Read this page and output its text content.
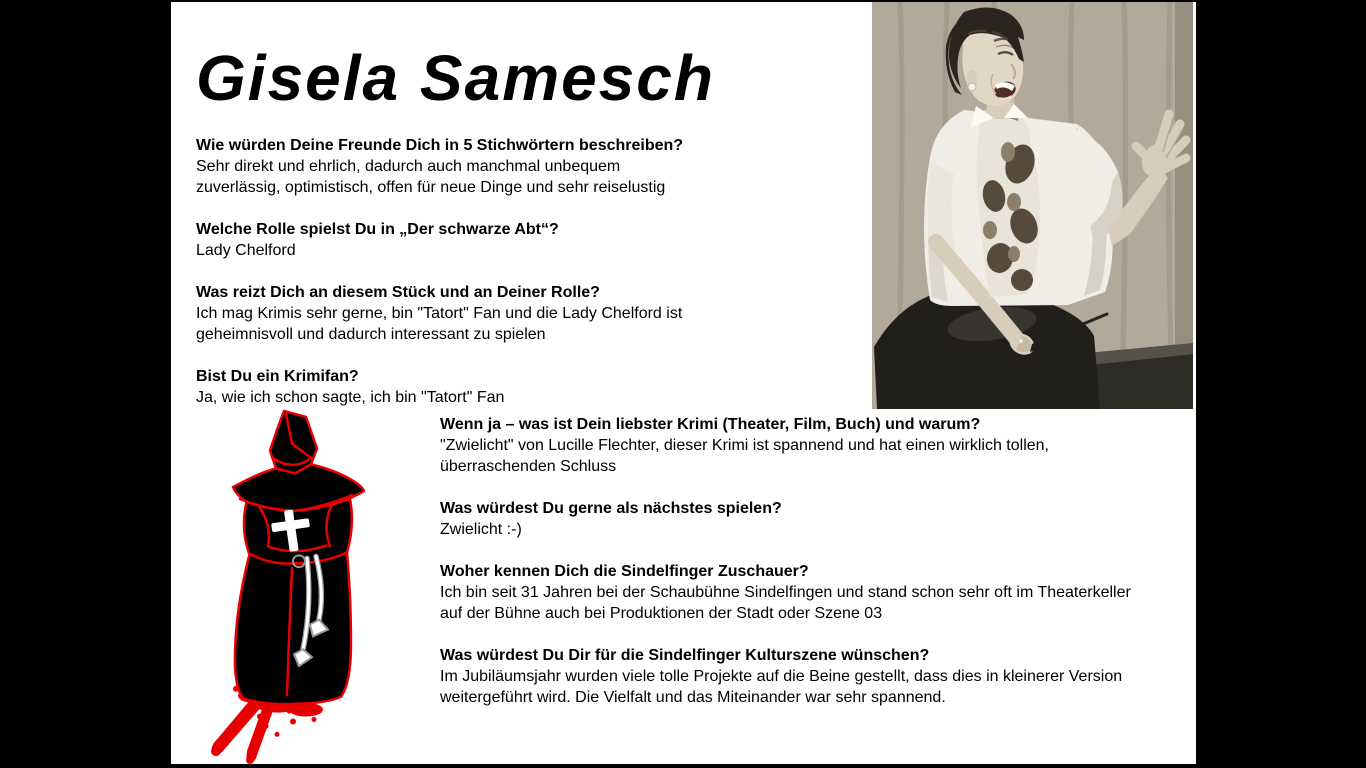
Gisela Samesch
Wie würden Deine Freunde Dich in 5 Stichwörtern beschreiben?
Sehr direkt und ehrlich, dadurch auch manchmal unbequem
zuverlässig, optimistisch, offen für neue Dinge und sehr reiselustig
Welche Rolle spielst Du in „Der schwarze Abt“?
Lady Chelford
Was reizt Dich an diesem Stück und an Deiner Rolle?
Ich mag Krimis sehr gerne, bin "Tatort" Fan und die Lady Chelford ist
geheimnisvoll und dadurch interessant zu spielen
Bist Du ein Krimifan?
Ja, wie ich schon sagte, ich bin "Tatort" Fan
Wenn ja – was ist Dein liebster Krimi (Theater, Film, Buch) und warum?
"Zwielicht" von Lucille Flechter, dieser Krimi ist spannend und hat einen wirklich tollen,
überraschenden Schluss
Was würdest Du gerne als nächstes spielen?
Zwielicht :-)
Woher kennen Dich die Sindelfinger Zuschauer?
Ich bin seit 31 Jahren bei der Schaubühne Sindelfingen und stand schon sehr oft im Theaterkeller
auf der Bühne auch bei Produktionen der Stadt oder Szene 03
Was würdest Du Dir für die Sindelfinger Kulturszene wünschen?
Im Jubiläumsjahr wurden viele tolle Projekte auf die Beine gestellt, dass dies in kleinerer Version
weitergeführt wird. Die Vielfalt und das Miteinander war sehr spannend.
